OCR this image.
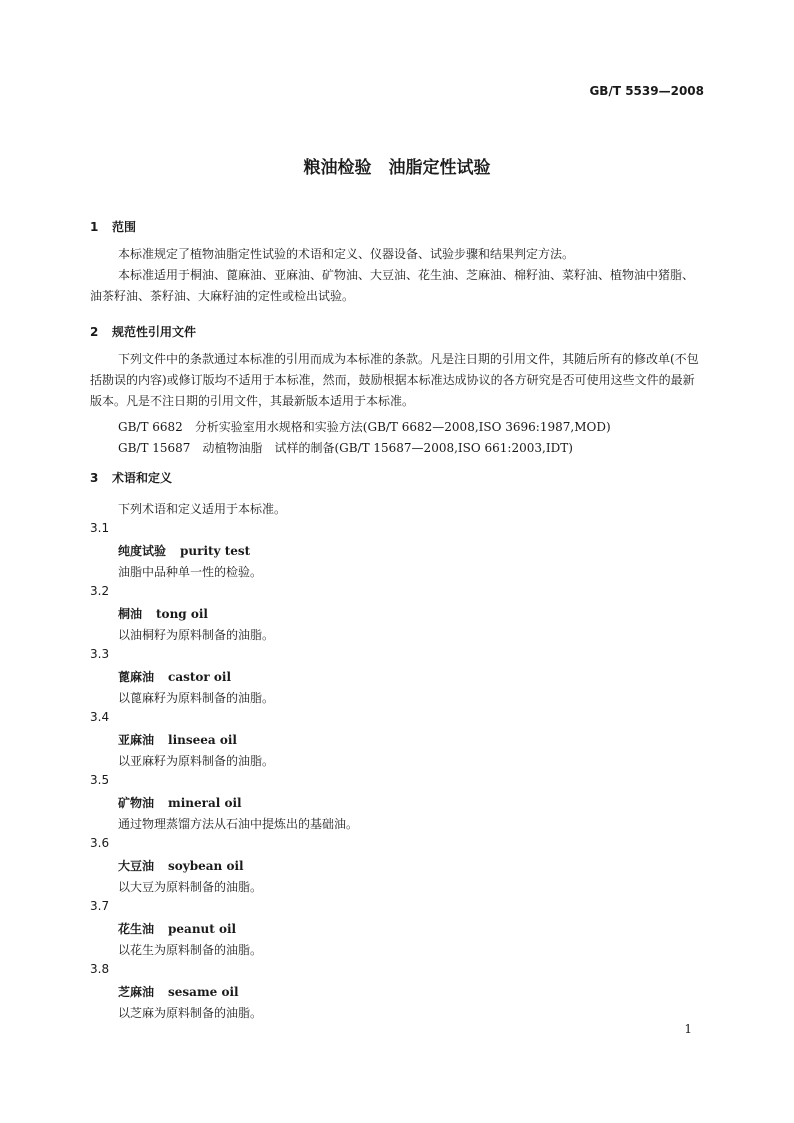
GB/T 5539—2008
粮油检验　油脂定性试验
1 范围
本标准规定了植物油脂定性试验的术语和定义、仪器设备、试验步骤和结果判定方法。
本标准适用于桐油、蓖麻油、亚麻油、矿物油、大豆油、花生油、芝麻油、棉籽油、菜籽油、植物油中猪脂、油茶籽油、茶籽油、大麻籽油的定性或检出试验。
2 规范性引用文件
下列文件中的条款通过本标准的引用而成为本标准的条款。凡是注日期的引用文件，其随后所有的修改单(不包括勘误的内容)或修订版均不适用于本标准，然而，鼓励根据本标准达成协议的各方研究是否可使用这些文件的最新版本。凡是不注日期的引用文件，其最新版本适用于本标准。
GB/T 6682　分析实验室用水规格和实验方法(GB/T 6682—2008,ISO 3696:1987,MOD)
GB/T 15687　动植物油脂　试样的制备(GB/T 15687—2008,ISO 661:2003,IDT)
3 术语和定义
下列术语和定义适用于本标准。
3.1
纯度试验 purity test
油脂中品种单一性的检验。
3.2
桐油 tong oil
以油桐籽为原料制备的油脂。
3.3
蓖麻油 castor oil
以蓖麻籽为原料制备的油脂。
3.4
亚麻油 linseea oil
以亚麻籽为原料制备的油脂。
3.5
矿物油 mineral oil
通过物理蒸馏方法从石油中提炼出的基础油。
3.6
大豆油 soybean oil
以大豆为原料制备的油脂。
3.7
花生油 peanut oil
以花生为原料制备的油脂。
3.8
芝麻油 sesame oil
以芝麻为原料制备的油脂。
1
